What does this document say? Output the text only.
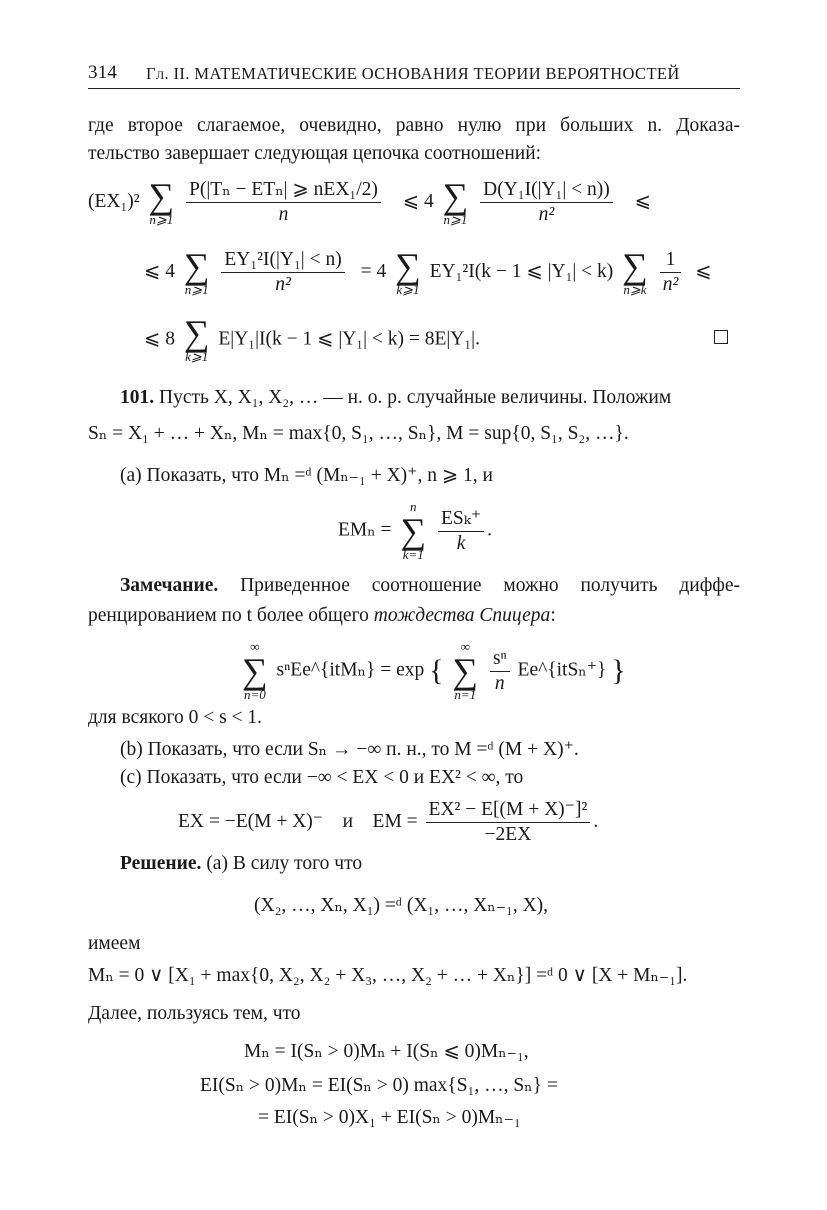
314 Гл. II. МАТЕМАТИЧЕСКИЕ ОСНОВАНИЯ ТЕОРИИ ВЕРОЯТНОСТЕЙ
где второе слагаемое, очевидно, равно нулю при больших n. Доказа-
тельство завершает следующая цепочка соотношений:
(EX₁)² ∑
n⩾1
$\frac{\text{P(|Tₙ − ETₙ| ⩾ nEX₁/2)}}{n}$ ⩽ 4 ∑
n⩾1
$\frac{\text{D(Y₁I(|Y₁| < n))}}{\text{n²}}$ ⩽
⩽ 4 ∑
n⩾1
$\frac{\text{EY₁²I(|Y₁| < n)}}{\text{n²}} = 4$ ∑
k⩾1
EY₁²I(k − 1 ⩽ |Y₁| < k) ∑
n⩾k
$\frac{1}{\text{n²}}$ ⩽
⩽ 8 ∑
k⩾1
E|Y₁|I(k − 1 ⩽ |Y₁| < k) = 8E|Y₁|.
101. Пусть X, X₁, X₂, … — н. о. р. случайные величины. Положим
Sₙ = X₁ + … + Xₙ, Mₙ = max{0, S₁, …, Sₙ}, M = sup{0, S₁, S₂, …}.
(a) Показать, что Mₙ =ᵈ (Mₙ₋₁ + X)⁺, n ⩾ 1, и
EMₙ =
n
∑
k=1
$\frac{\text{ESₖ⁺}}{k}$ .
Замечание. Приведенное соотношение можно получить диффе-
ренцированием по t более общего тождества Спицера:
∞
∑
n=0
sⁿEe^{itMₙ} = exp {
∞
∑
n=1
$\frac{\text{sⁿ}}{n}$ Ee^{itSₙ⁺} }
для всякого 0 < s < 1.
(b) Показать, что если Sₙ → −∞ п. н., то M =ᵈ (M + X)⁺.
(c) Показать, что если −∞ < EX < 0 и EX² < ∞, то
EX = −E(M + X)⁻    и    EM = $\frac{\text{EX² − E[(M + X)⁻]²}}{-2EX}$ .
Решение. (a) В силу того что
(X₂, …, Xₙ, X₁) =ᵈ (X₁, …, Xₙ₋₁, X),
имеем
Mₙ = 0 ∨ [X₁ + max{0, X₂, X₂ + X₃, …, X₂ + … + Xₙ}] =ᵈ 0 ∨ [X + Mₙ₋₁].
Далее, пользуясь тем, что
Mₙ = I(Sₙ > 0)Mₙ + I(Sₙ ⩽ 0)Mₙ₋₁,
EI(Sₙ > 0)Mₙ = EI(Sₙ > 0) max{S₁, …, Sₙ} =
= EI(Sₙ > 0)X₁ + EI(Sₙ > 0)Mₙ₋₁
